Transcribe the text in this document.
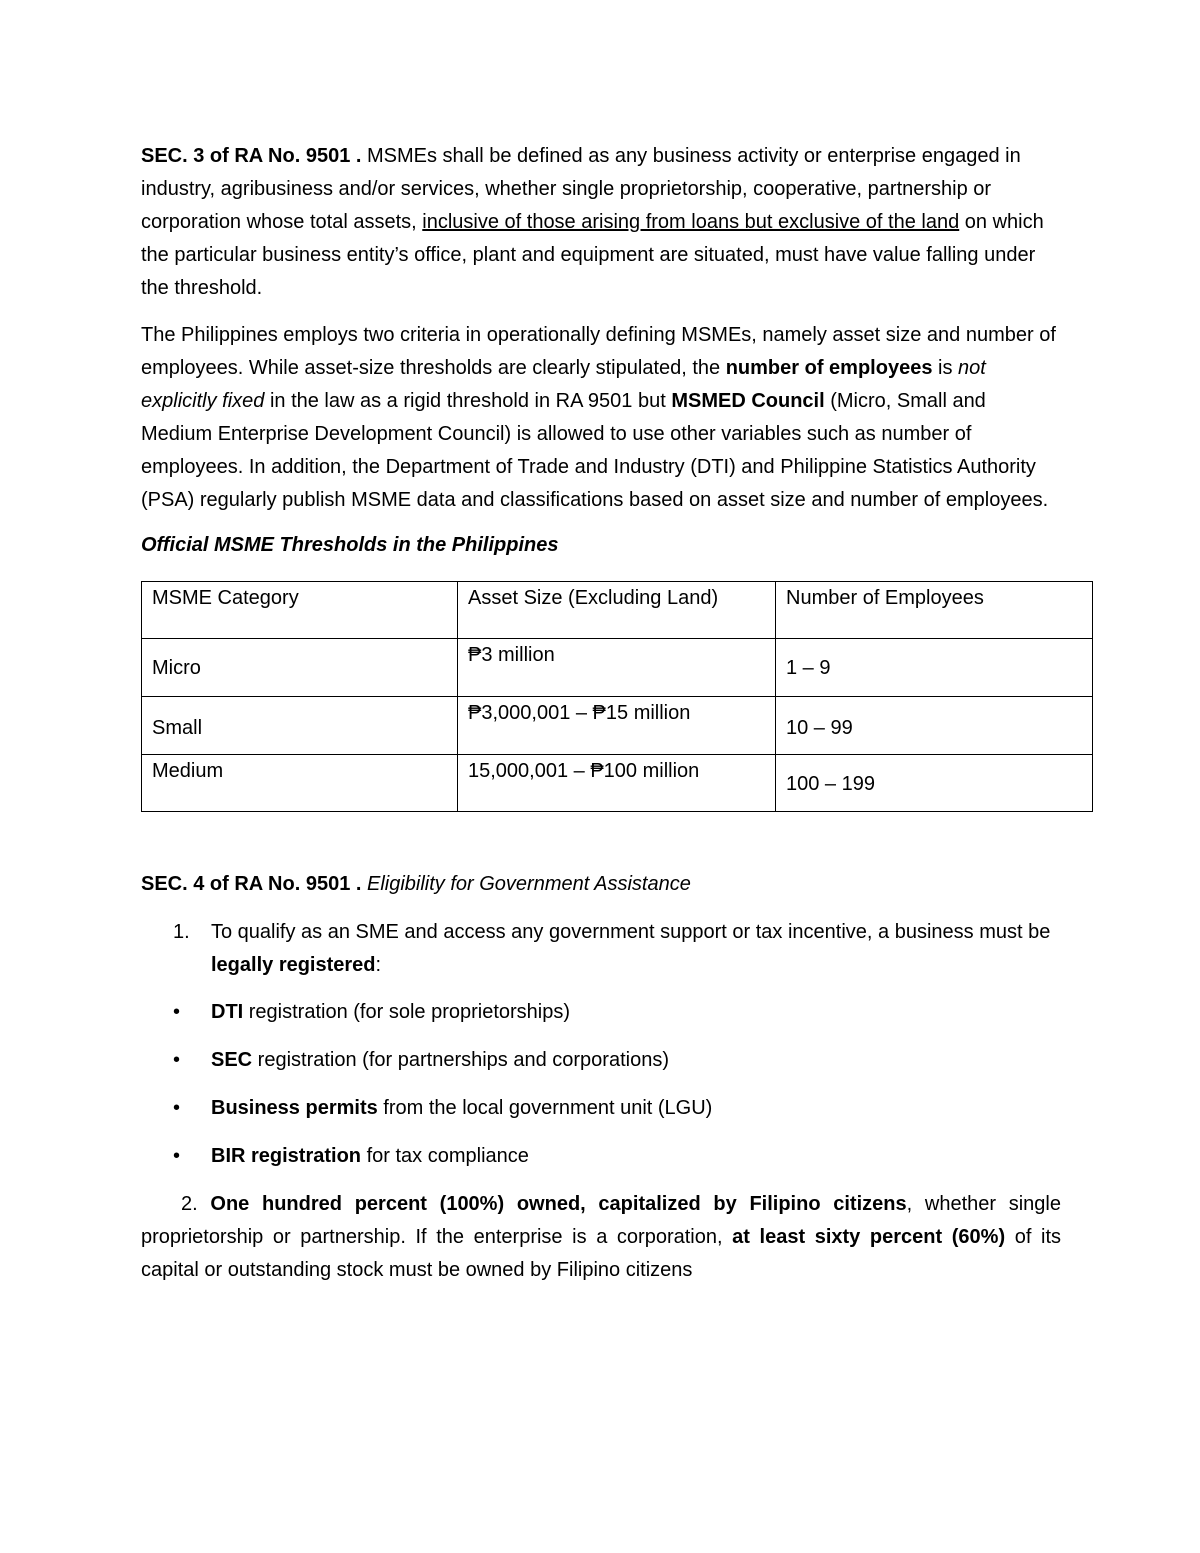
SEC. 3 of RA No. 9501 . MSMEs shall be defined as any business activity or enterprise engaged in industry, agribusiness and/or services, whether single proprietorship, cooperative, partnership or corporation whose total assets, inclusive of those arising from loans but exclusive of the land on which the particular business entity’s office, plant and equipment are situated, must have value falling under the threshold.

The Philippines employs two criteria in operationally defining MSMEs, namely asset size and number of employees. While asset-size thresholds are clearly stipulated, the number of employees is not explicitly fixed in the law as a rigid threshold in RA 9501 but MSMED Council (Micro, Small and Medium Enterprise Development Council) is allowed to use other variables such as number of employees. In addition, the Department of Trade and Industry (DTI) and Philippine Statistics Authority (PSA) regularly publish MSME data and classifications based on asset size and number of employees.

Official MSME Thresholds in the Philippines

MSME Category	Asset Size (Excluding Land)	Number of Employees

Micro	₱3 million	1 – 9

Small	₱3,000,001 – ₱15 million	10 – 99

Medium	15,000,001 – ₱100 million	100 – 199

SEC. 4 of RA No. 9501 . Eligibility for Government Assistance

1. To qualify as an SME and access any government support or tax incentive, a business must be legally registered:
• DTI registration (for sole proprietorships)
• SEC registration (for partnerships and corporations)
• Business permits from the local government unit (LGU)
• BIR registration for tax compliance

2. One hundred percent (100%) owned, capitalized by Filipino citizens, whether single proprietorship or partnership. If the enterprise is a corporation, at least sixty percent (60%) of its capital or outstanding stock must be owned by Filipino citizens
